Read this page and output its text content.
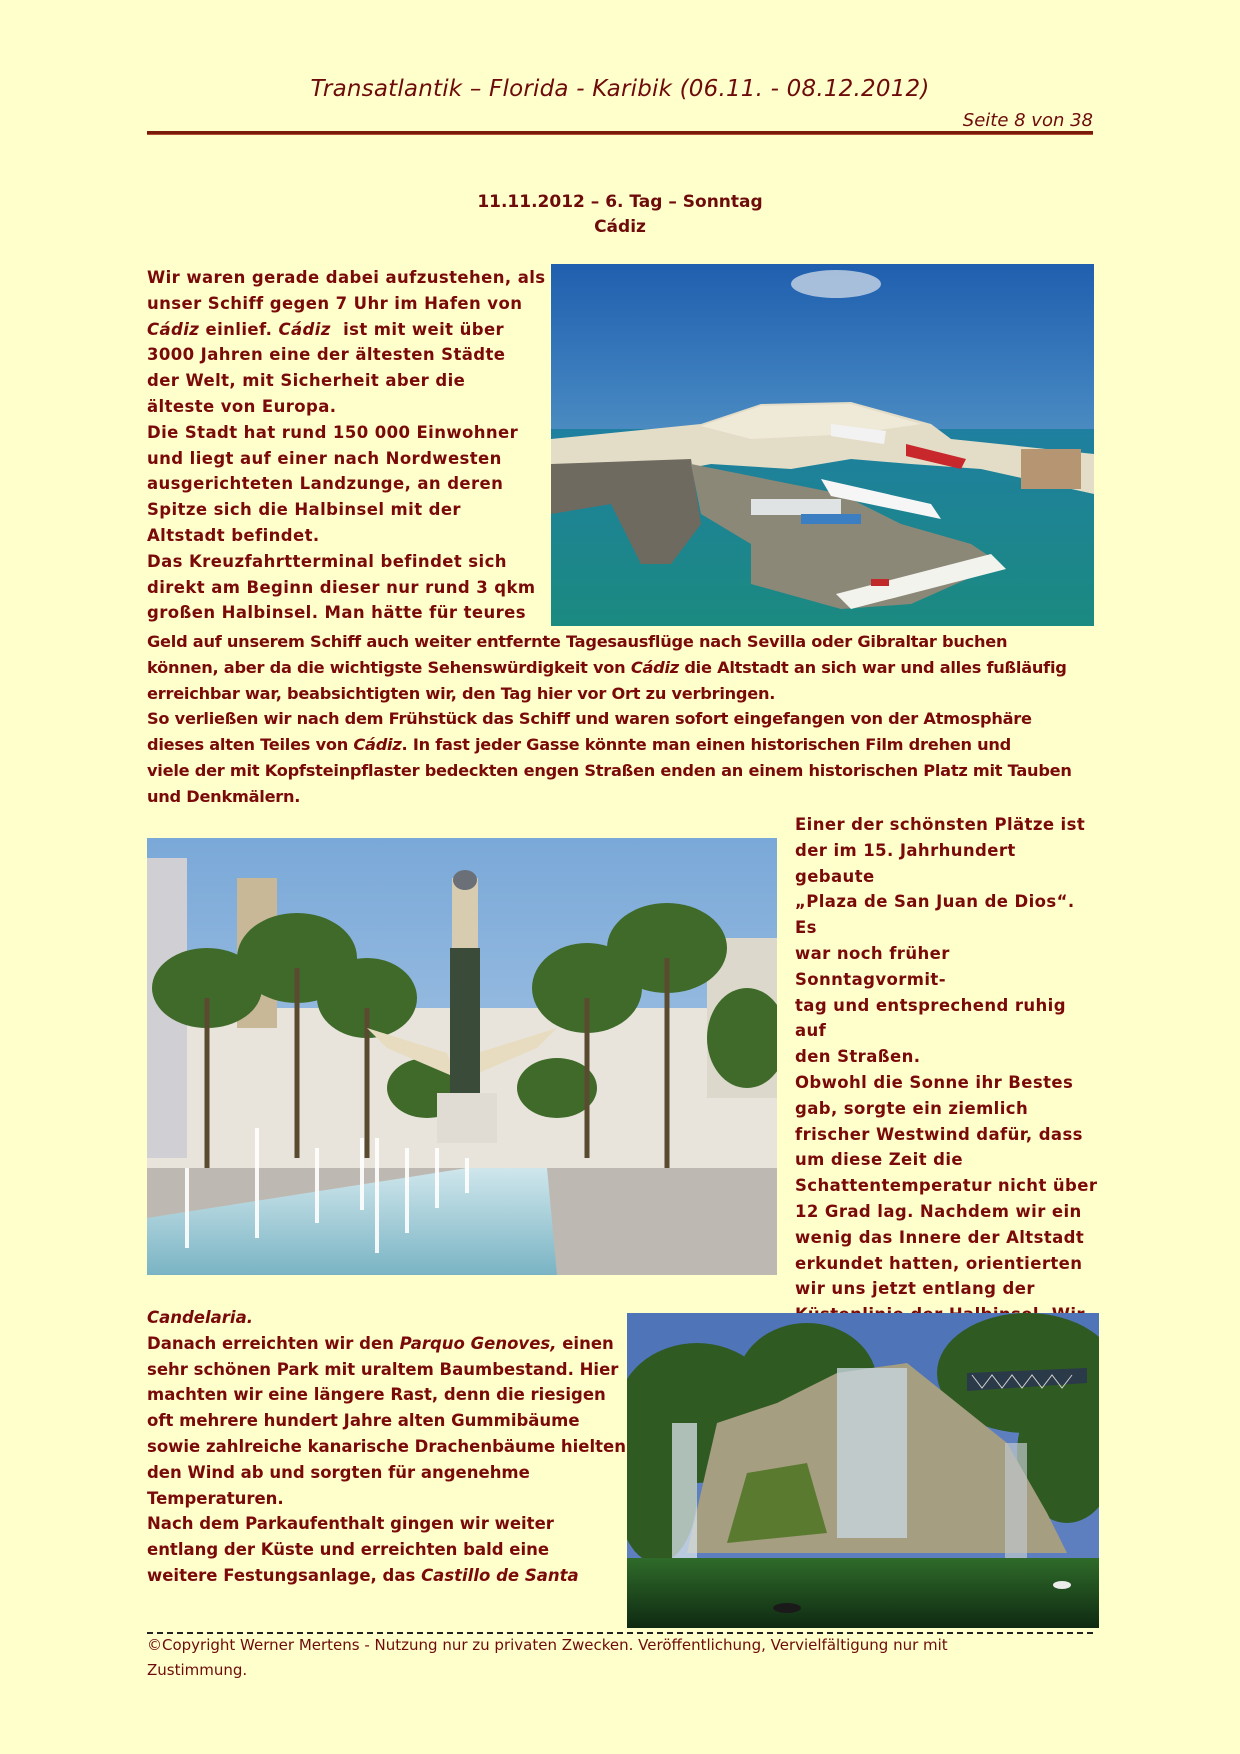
Transatlantik – Florida - Karibik (06.11. - 08.12.2012)
Seite 8 von 38
11.11.2012 – 6. Tag – Sonntag
Cádiz
Wir waren gerade dabei aufzustehen, als
unser Schiff gegen 7 Uhr im Hafen von
Cádiz einlief. Cádiz  ist mit weit über
3000 Jahren eine der ältesten Städte
der Welt, mit Sicherheit aber die
älteste von Europa.
Die Stadt hat rund 150 000 Einwohner
und liegt auf einer nach Nordwesten
ausgerichteten Landzunge, an deren
Spitze sich die Halbinsel mit der
Altstadt befindet.
Das Kreuzfahrtterminal befindet sich
direkt am Beginn dieser nur rund 3 qkm
großen Halbinsel. Man hätte für teures
Geld auf unserem Schiff auch weiter entfernte Tagesausflüge nach Sevilla oder Gibraltar buchen
können, aber da die wichtigste Sehenswürdigkeit von Cádiz die Altstadt an sich war und alles fußläufig
erreichbar war, beabsichtigten wir, den Tag hier vor Ort zu verbringen.
So verließen wir nach dem Frühstück das Schiff und waren sofort eingefangen von der Atmosphäre
dieses alten Teiles von Cádiz. In fast jeder Gasse könnte man einen historischen Film drehen und
viele der mit Kopfsteinpflaster bedeckten engen Straßen enden an einem historischen Platz mit Tauben
und Denkmälern.
Einer der schönsten Plätze ist
der im 15. Jahrhundert gebaute
„Plaza de San Juan de Dios“. Es
war noch früher Sonntagvormit-
tag und entsprechend ruhig auf
den Straßen.
Obwohl die Sonne ihr Bestes
gab, sorgte ein ziemlich
frischer Westwind dafür, dass
um diese Zeit die
Schattentemperatur nicht über
12 Grad lag. Nachdem wir ein
wenig das Innere der Altstadt
erkundet hatten, orientierten
wir uns jetzt entlang der
Candelaria.
Danach erreichten wir den Parquo Genoves, einen
sehr schönen Park mit uraltem Baumbestand. Hier
machten wir eine längere Rast, denn die riesigen
oft mehrere hundert Jahre alten Gummibäume
sowie zahlreiche kanarische Drachenbäume hielten
den Wind ab und sorgten für angenehme
Temperaturen.
Nach dem Parkaufenthalt gingen wir weiter
entlang der Küste und erreichten bald eine
weitere Festungsanlage, das Castillo de Santa
©Copyright Werner Mertens - Nutzung nur zu privaten Zwecken. Veröffentlichung, Vervielfältigung nur mit
Zustimmung.
